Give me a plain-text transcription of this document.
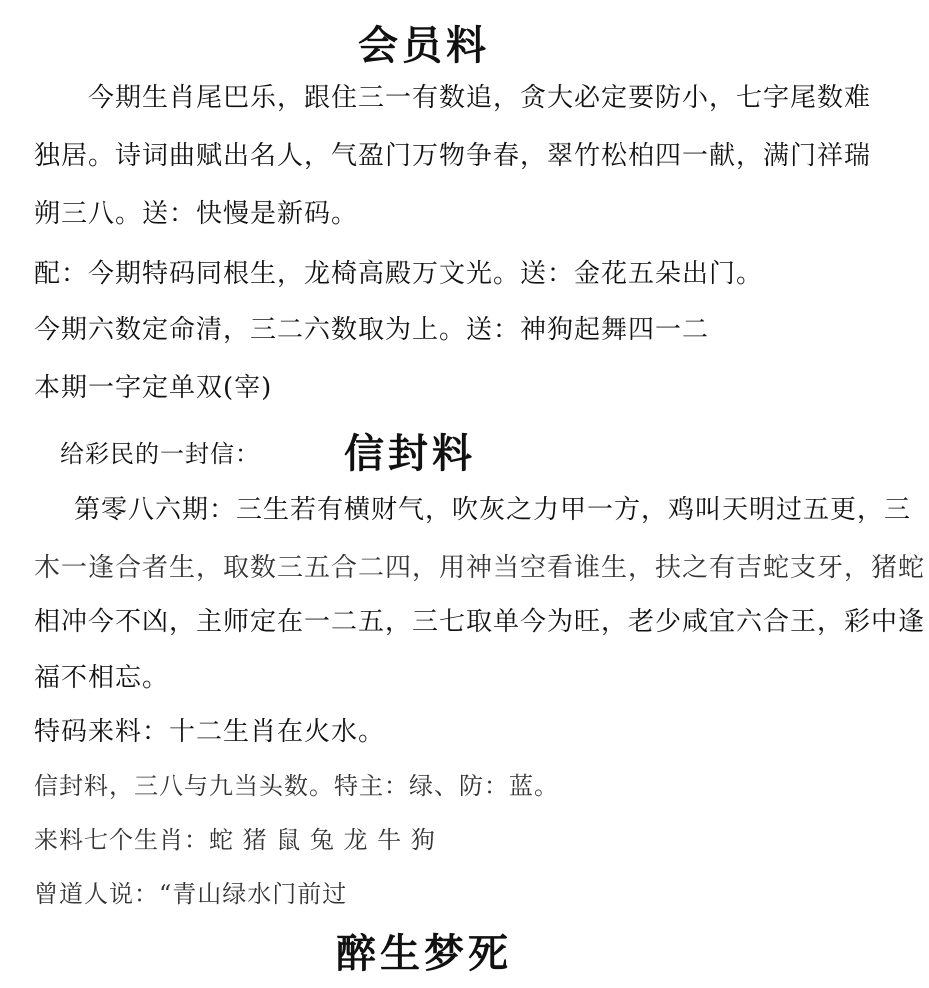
会员料
今期生肖尾巴乐，跟住三一有数追，贪大必定要防小，七字尾数难
独居。诗词曲赋出名人，气盈门万物争春，翠竹松柏四一献，满门祥瑞
朔三八。送：快慢是新码。
配：今期特码同根生，龙椅高殿万文光。送：金花五朵出门。
今期六数定命清，三二六数取为上。送：神狗起舞四一二
本期一字定单双(宰)
给彩民的一封信： 信封料
第零八六期：三生若有横财气，吹灰之力甲一方，鸡叫天明过五更，三
木一逢合者生，取数三五合二四，用神当空看谁生，扶之有吉蛇支牙，猪蛇
相冲今不凶，主师定在一二五，三七取单今为旺，老少咸宜六合王，彩中逢
福不相忘。
特码来料：十二生肖在火水。
信封料，三八与九当头数。特主：绿、防：蓝。
来料七个生肖：蛇 猪 鼠 兔 龙 牛 狗
曾道人说：“青山绿水门前过
醉生梦死
